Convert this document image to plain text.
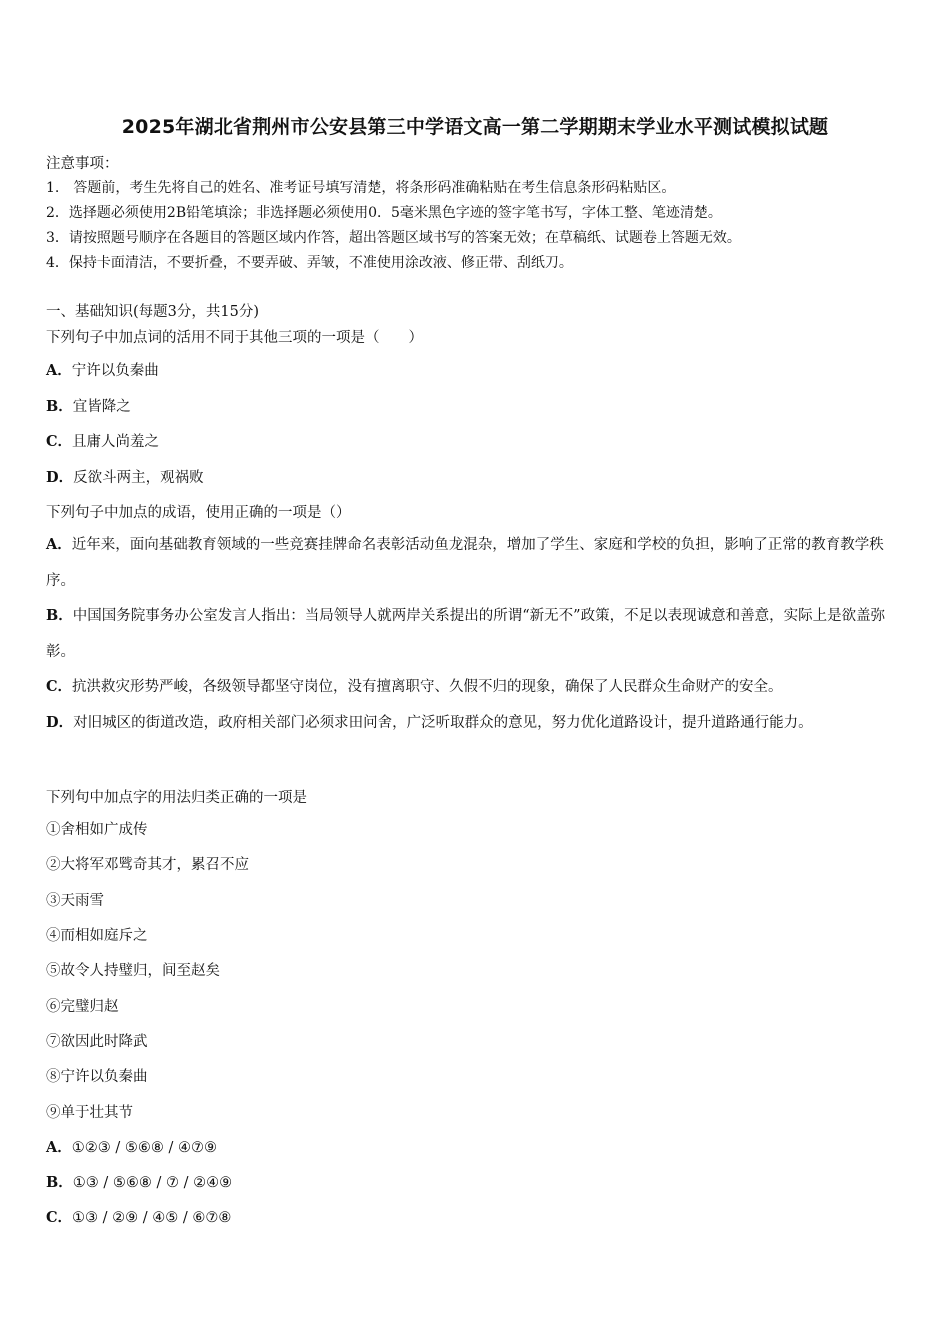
2025年湖北省荆州市公安县第三中学语文高一第二学期期末学业水平测试模拟试题
注意事项：
1.　答题前，考生先将自己的姓名、准考证号填写清楚，将条形码准确粘贴在考生信息条形码粘贴区。
2．选择题必须使用2B铅笔填涂；非选择题必须使用0．5毫米黑色字迹的签字笔书写，字体工整、笔迹清楚。
3．请按照题号顺序在各题目的答题区域内作答，超出答题区域书写的答案无效；在草稿纸、试题卷上答题无效。
4．保持卡面清洁，不要折叠，不要弄破、弄皱，不准使用涂改液、修正带、刮纸刀。
一、基础知识(每题3分，共15分)
下列句子中加点词的活用不同于其他三项的一项是（　　）
A．宁许以负秦曲
B．宜皆降之
C．且庸人尚羞之
D．反欲斗两主，观祸败
下列句子中加点的成语，使用正确的一项是（）
A．近年来，面向基础教育领域的一些竞赛挂牌命名表彰活动鱼龙混杂，增加了学生、家庭和学校的负担，影响了正常的教育教学秩序。
B．中国国务院事务办公室发言人指出：当局领导人就两岸关系提出的所谓“新无不”政策，不足以表现诚意和善意，实际上是欲盖弥彰。
C．抗洪救灾形势严峻，各级领导都坚守岗位，没有擅离职守、久假不归的现象，确保了人民群众生命财产的安全。
D．对旧城区的街道改造，政府相关部门必须求田问舍，广泛听取群众的意见，努力优化道路设计，提升道路通行能力。
下列句中加点字的用法归类正确的一项是
①舍相如广成传
②大将军邓骘奇其才，累召不应
③天雨雪
④而相如庭斥之
⑤故令人持璧归，间至赵矣
⑥完璧归赵
⑦欲因此时降武
⑧宁许以负秦曲
⑨单于壮其节
A．①②③ / ⑤⑥⑧ / ④⑦⑨
B．①③ / ⑤⑥⑧ / ⑦ / ②④⑨
C．①③ / ②⑨ / ④⑤ / ⑥⑦⑧
